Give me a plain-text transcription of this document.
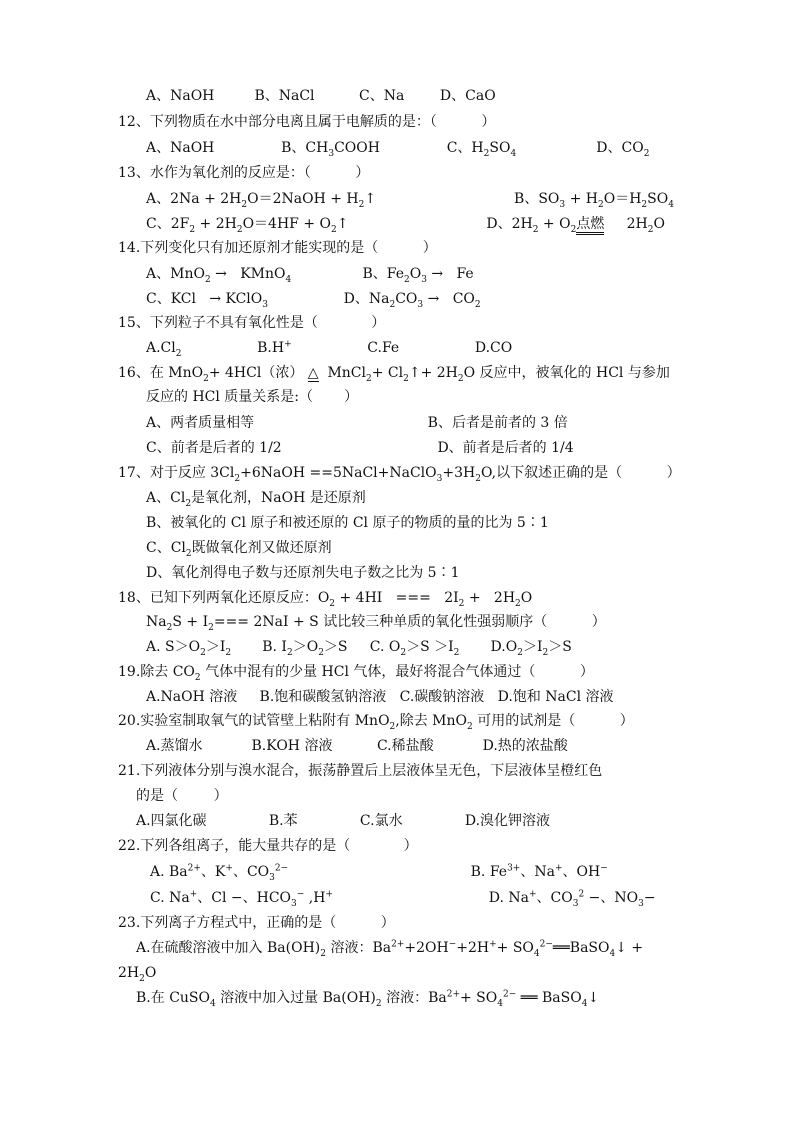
A、NaOH         B、NaCl          C、Na        D、CaO
12、下列物质在水中部分电离且属于电解质的是：（          ）
A、NaOH               B、$CH_3COOH$               C、$H_2SO_4$                  D、$CO_2$
13、水作为氧化剂的反应是：（          ）
A、$2Na + 2H_2O=2NaOH$ + $H_2↑$                               B、$SO_3 + H_2O=H_2SO_4$
C、$2F_2 + 2H_2O=4HF$ + $O_2↑$                               D、$2H_2 + O_2$点燃     $2H_2O$
14.下列变化只有加还原剂才能实现的是（          ）
A、MnO$_2$ →   KMnO$_4$                B、$Fe_2O_3 \to Fe$
C、KCl   → KClO$_3$                 D、$Na_2CO_3 \to CO_2$
15、下列粒子不具有氧化性是（            ）
$A.Cl_2$                 B.H+                 C.Fe                 D.CO
16、在 MnO$_2$+ 4HCl（浓） △  MnCl$_2$+ $Cl_2↑+ 2H_2O$ 反应中，被氧化的 HCl 与参加
反应的 HCl 质量关系是:（       ）
A、两者质量相等                                       B、后者是前者的 3 倍
C、前者是后者的 1/2                                   D、前者是后者的 1/4
17、对于反应 $3Cl_2+6NaOH$ $==5NaCl+NaClO_3+3H_2O$,以下叙述正确的是（          ）
A、$Cl_2$是氧化剂，NaOH 是还原剂
B、被氧化的 Cl 原子和被还原的 Cl 原子的物质的量的比为 5∶1
C、$Cl_2$既做氧化剂又做还原剂
D、氧化剂得电子数与还原剂失电子数之比为 5∶1
18、已知下列两氧化还原反应：$O_2 + 4HI$   ===   $2I_2 + 2H_2O$
$Na_2S + I_2=== 2NaI + S$ 试比较三种单质的氧化性强弱顺序（          ）
A. $S>O_2>I_2$       B. $I_2>O_2>S$     C. $O_2>S >I_2$       $D.O_2>I_2>S$
19.除去 $CO_2$ 气体中混有的少量 HCl 气体，最好将混合气体通过（          ）
A.NaOH 溶液     B.饱和碳酸氢钠溶液   C.碳酸钠溶液   D.饱和 NaCl 溶液
20.实验室制取氧气的试管壁上粘附有 MnO$_2$,除去 MnO$_2$ 可用的试剂是（          ）
A.蒸馏水           B.KOH 溶液          C.稀盐酸           D.热的浓盐酸
21.下列液体分别与溴水混合，振荡静置后上层液体呈无色，下层液体呈橙红色
的是（        ）
A.四氯化碳              B.苯              C.氯水              D.溴化钾溶液
22.下列各组离子，能大量共存的是（            ）
A. $Ba^{2+}$、K+、$CO_3^{2-}$                                         B. $Fe^{3+}$、Na+、OH−
C. Na+、Cl −、$HCO_3^-$ ,H+                                   D. Na+、$CO_3^2$ −、$NO_3-$
23.下列离子方程式中，正确的是（          ）
A.在硫酸溶液中加入 $Ba(OH)_2$ 溶液：$Ba^{2+}+2OH^-+2H^++$ $SO_4^{2-}══BaSO_4↓$ +
$2H_2O$
B.在 CuSO$_4$ 溶液中加入过量 $Ba(OH)_2$ 溶液：$Ba^{2+}+ SO_4^{2-}$ ══ BaSO$_4$↓
